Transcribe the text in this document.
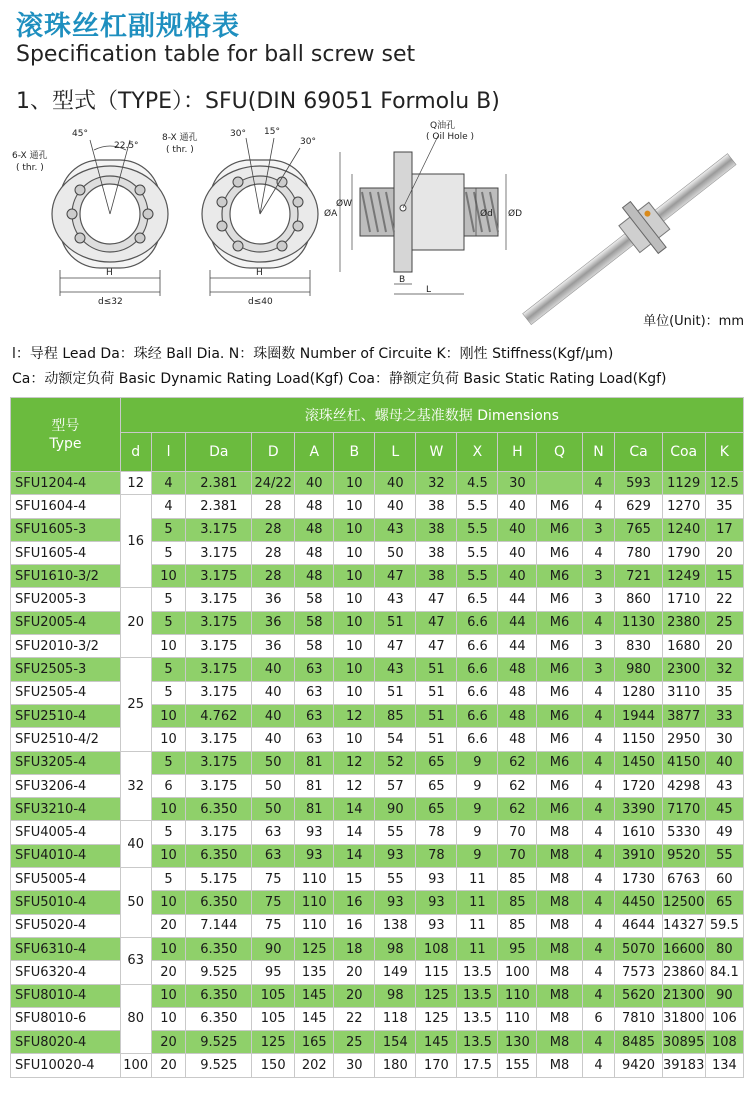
滚珠丝杠副规格表
Specification table for ball screw set
1、型式（TYPE）：SFU(DIN 69051 Formolu B)
6-X 通孔
( thr. )
45°
22.5°
H
d≤32
8-X 通孔
( thr. )
30° 15°
30°
H
d≤40
Q油孔
( Oil Hole )
ØA
ØW
Ød ØD
B
L
单位(Unit)：mm
l：导程 Lead Da：珠经 Ball Dia. N：珠圈数 Number of Circuite K：刚性 Stiffness(Kgf/μm)
Ca：动额定负荷 Basic Dynamic Rating Load(Kgf) Coa：静额定负荷 Basic Static Rating Load(Kgf)
型号
Type	滚珠丝杠、螺母之基准数据 Dimensions														
	d	l	Da	D	A	B	L	W	X	H	Q	N	Ca	Coa	K
SFU1204-4	12	4	2.381	24/22	40	10	40	32	4.5	30		4	593	1129	12.5
SFU1604-4	16	4	2.381	28	48	10	40	38	5.5	40	M6	4	629	1270	35
SFU1605-3		5	3.175	28	48	10	43	38	5.5	40	M6	3	765	1240	17
SFU1605-4		5	3.175	28	48	10	50	38	5.5	40	M6	4	780	1790	20
SFU1610-3/2		10	3.175	28	48	10	47	38	5.5	40	M6	3	721	1249	15
SFU2005-3	20	5	3.175	36	58	10	43	47	6.5	44	M6	3	860	1710	22
SFU2005-4		5	3.175	36	58	10	51	47	6.6	44	M6	4	1130	2380	25
SFU2010-3/2		10	3.175	36	58	10	47	47	6.6	44	M6	3	830	1680	20
SFU2505-3	25	5	3.175	40	63	10	43	51	6.6	48	M6	3	980	2300	32
SFU2505-4		5	3.175	40	63	10	51	51	6.6	48	M6	4	1280	3110	35
SFU2510-4		10	4.762	40	63	12	85	51	6.6	48	M6	4	1944	3877	33
SFU2510-4/2		10	3.175	40	63	10	54	51	6.6	48	M6	4	1150	2950	30
SFU3205-4	32	5	3.175	50	81	12	52	65	9	62	M6	4	1450	4150	40
SFU3206-4		6	3.175	50	81	12	57	65	9	62	M6	4	1720	4298	43
SFU3210-4		10	6.350	50	81	14	90	65	9	62	M6	4	3390	7170	45
SFU4005-4	40	5	3.175	63	93	14	55	78	9	70	M8	4	1610	5330	49
SFU4010-4		10	6.350	63	93	14	93	78	9	70	M8	4	3910	9520	55
SFU5005-4	50	5	5.175	75	110	15	55	93	11	85	M8	4	1730	6763	60
SFU5010-4		10	6.350	75	110	16	93	93	11	85	M8	4	4450	12500	65
SFU5020-4		20	7.144	75	110	16	138	93	11	85	M8	4	4644	14327	59.5
SFU6310-4	63	10	6.350	90	125	18	98	108	11	95	M8	4	5070	16600	80
SFU6320-4		20	9.525	95	135	20	149	115	13.5	100	M8	4	7573	23860	84.1
SFU8010-4	80	10	6.350	105	145	20	98	125	13.5	110	M8	4	5620	21300	90
SFU8010-6		10	6.350	105	145	22	118	125	13.5	110	M8	6	7810	31800	106
SFU8020-4		20	9.525	125	165	25	154	145	13.5	130	M8	4	8485	30895	108
SFU10020-4	100	20	9.525	150	202	30	180	170	17.5	155	M8	4	9420	39183	134
